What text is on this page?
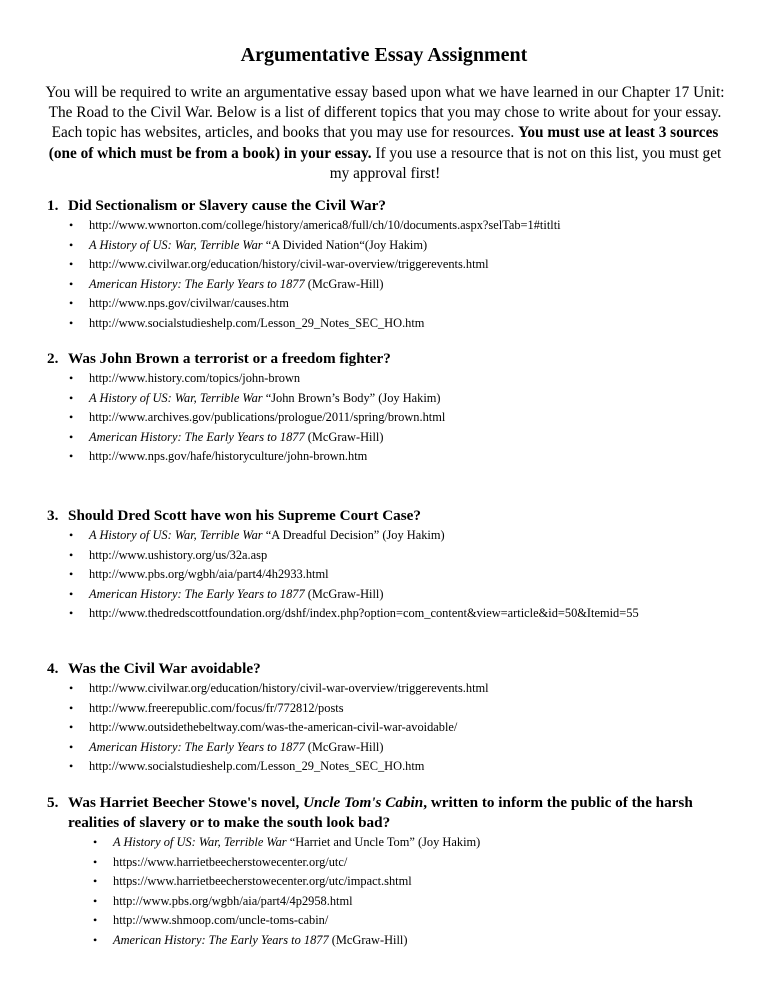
Argumentative Essay Assignment
You will be required to write an argumentative essay based upon what we have learned in our Chapter 17 Unit: The Road to the Civil War. Below is a list of different topics that you may chose to write about for your essay. Each topic has websites, articles, and books that you may use for resources. You must use at least 3 sources (one of which must be from a book) in your essay. If you use a resource that is not on this list, you must get my approval first!
1. Did Sectionalism or Slavery cause the Civil War?
• http://www.wwnorton.com/college/history/america8/full/ch/10/documents.aspx?selTab=1#titlti
• A History of US: War, Terrible War “A Divided Nation“(Joy Hakim)
• http://www.civilwar.org/education/history/civil-war-overview/triggerevents.html
• American History: The Early Years to 1877 (McGraw-Hill)
• http://www.nps.gov/civilwar/causes.htm
• http://www.socialstudieshelp.com/Lesson_29_Notes_SEC_HO.htm
2. Was John Brown a terrorist or a freedom fighter?
• http://www.history.com/topics/john-brown
• A History of US: War, Terrible War “John Brown’s Body” (Joy Hakim)
• http://www.archives.gov/publications/prologue/2011/spring/brown.html
• American History: The Early Years to 1877 (McGraw-Hill)
• http://www.nps.gov/hafe/historyculture/john-brown.htm
3. Should Dred Scott have won his Supreme Court Case?
• A History of US: War, Terrible War “A Dreadful Decision” (Joy Hakim)
• http://www.ushistory.org/us/32a.asp
• http://www.pbs.org/wgbh/aia/part4/4h2933.html
• American History: The Early Years to 1877 (McGraw-Hill)
• http://www.thedredscottfoundation.org/dshf/index.php?option=com_content&view=article&id=50&Itemid=55
4. Was the Civil War avoidable?
• http://www.civilwar.org/education/history/civil-war-overview/triggerevents.html
• http://www.freerepublic.com/focus/fr/772812/posts
• http://www.outsidethebeltway.com/was-the-american-civil-war-avoidable/
• American History: The Early Years to 1877 (McGraw-Hill)
• http://www.socialstudieshelp.com/Lesson_29_Notes_SEC_HO.htm
5. Was Harriet Beecher Stowe's novel, Uncle Tom's Cabin, written to inform the public of the harsh realities of slavery or to make the south look bad?
• A History of US: War, Terrible War “Harriet and Uncle Tom” (Joy Hakim)
• https://www.harrietbeecherstowecenter.org/utc/
• https://www.harrietbeecherstowecenter.org/utc/impact.shtml
• http://www.pbs.org/wgbh/aia/part4/4p2958.html
• http://www.shmoop.com/uncle-toms-cabin/
• American History: The Early Years to 1877 (McGraw-Hill)
